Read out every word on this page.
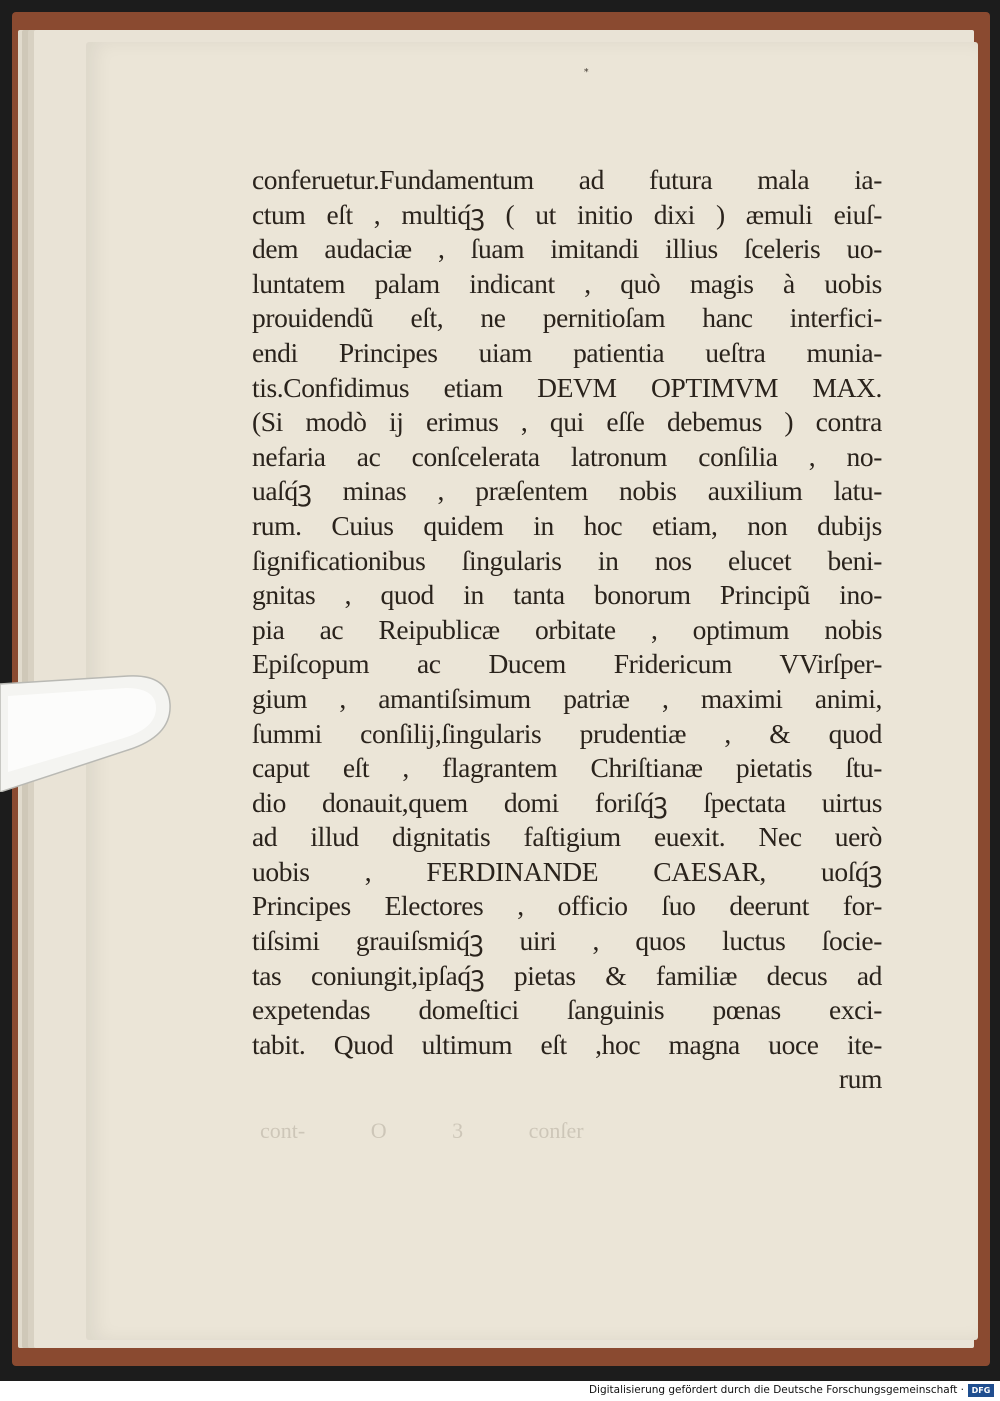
*
conferuetur.Fundamentum ad futura mala ia-
ctum eſt , multiq́ꝫ ( ut initio dixi ) æmuli eiuſ-
dem audaciæ , ſuam imitandi illius ſceleris uo-
luntatem palam indicant , quò magis à uobis
prouidendũ eſt, ne pernitioſam hanc interfici-
endi Principes uiam patientia ueſtra munia-
tis.Confidimus etiam DEVM OPTIMVM MAX.
(Si modò ij erimus , qui eſſe debemus ) contra
nefaria ac conſcelerata latronum conſilia , no-
uaſq́ꝫ minas , præſentem nobis auxilium latu-
rum. Cuius quidem in hoc etiam, non dubijs
ſignificationibus ſingularis in nos elucet beni-
gnitas , quod in tanta bonorum Principũ ino-
pia ac Reipublicæ orbitate , optimum nobis
Epiſcopum ac Ducem Fridericum VVirſper-
gium , amantiſsimum patriæ , maximi animi,
ſummi conſilij,ſingularis prudentiæ , & quod
caput eſt , flagrantem Chriſtianæ pietatis ſtu-
dio donauit,quem domi foriſq́ꝫ ſpectata uirtus
ad illud dignitatis faſtigium euexit. Nec uerò
uobis , FERDINANDE CAESAR, uoſq́ꝫ
Principes Electores , officio ſuo deerunt for-
tiſsimi grauiſsmiq́ꝫ uiri , quos luctus ſocie-
tas coniungit,ipſaq́ꝫ pietas & familiæ decus ad
expetendas domeſtici ſanguinis pœnas exci-
tabit. Quod ultimum eſt ,hoc magna uoce ite-
rum
cont- O 3 conſer
Digitalisierung gefördert durch die Deutsche Forschungsgemeinschaft · DFG
